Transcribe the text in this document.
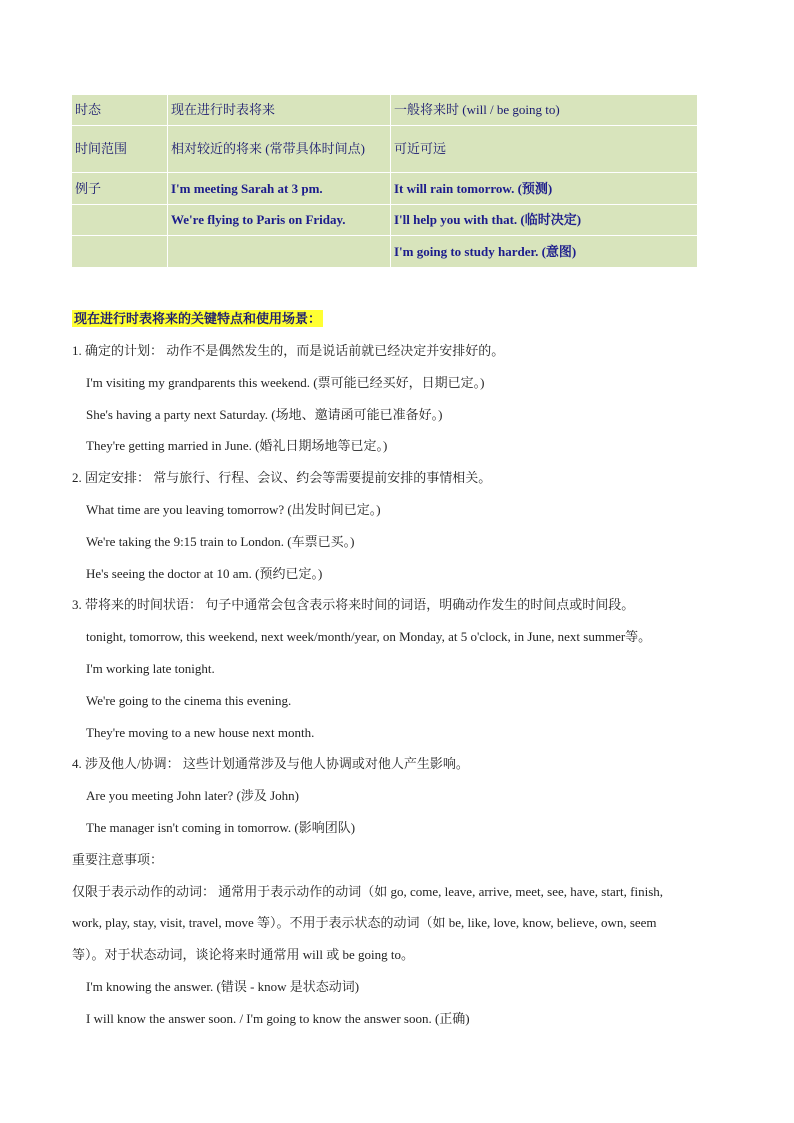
时态	现在进行时表将来	一般将来时 (will / be going to)
时间范围	相对较近的将来 (常带具体时间点)	可近可远
例子	I'm meeting Sarah at 3 pm.	It will rain tomorrow. (预测)
	We're flying to Paris on Friday.	I'll help you with that. (临时决定)
		I'm going to study harder. (意图)
现在进行时表将来的关键特点和使用场景：
1. 确定的计划： 动作不是偶然发生的，而是说话前就已经决定并安排好的。
I'm visiting my grandparents this weekend. (票可能已经买好，日期已定。)
She's having a party next Saturday. (场地、邀请函可能已准备好。)
They're getting married in June. (婚礼日期场地等已定。)
2. 固定安排： 常与旅行、行程、会议、约会等需要提前安排的事情相关。
What time are you leaving tomorrow? (出发时间已定。)
We're taking the 9:15 train to London. (车票已买。)
He's seeing the doctor at 10 am. (预约已定。)
3. 带将来的时间状语： 句子中通常会包含表示将来时间的词语，明确动作发生的时间点或时间段。
tonight, tomorrow, this weekend, next week/month/year, on Monday, at 5 o'clock, in June, next summer等。
I'm working late tonight.
We're going to the cinema this evening.
They're moving to a new house next month.
4. 涉及他人/协调： 这些计划通常涉及与他人协调或对他人产生影响。
Are you meeting John later? (涉及 John)
The manager isn't coming in tomorrow. (影响团队)
重要注意事项：
仅限于表示动作的动词： 通常用于表示动作的动词（如 go, come, leave, arrive, meet, see, have, start, finish,
work, play, stay, visit, travel, move 等）。不用于表示状态的动词（如 be, like, love, know, believe, own, seem
等）。对于状态动词，谈论将来时通常用 will 或 be going to。
I'm knowing the answer. (错误 - know 是状态动词)
I will know the answer soon. / I'm going to know the answer soon. (正确)
